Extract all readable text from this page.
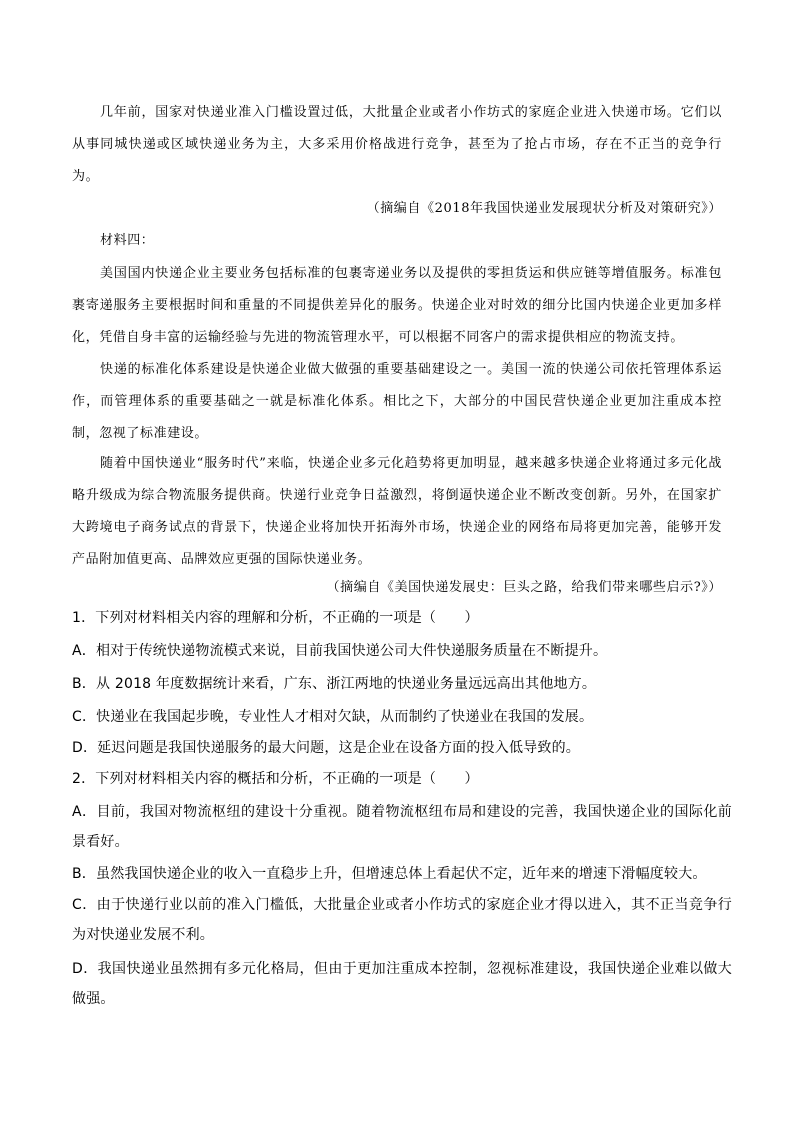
几年前，国家对快递业准入门槛设置过低，大批量企业或者小作坊式的家庭企业进入快递市场。它们以从事同城快递或区域快递业务为主，大多采用价格战进行竞争，甚至为了抢占市场，存在不正当的竞争行为。

（摘编自《2018年我国快递业发展现状分析及对策研究》）

材料四：

美国国内快递企业主要业务包括标准的包裹寄递业务以及提供的零担货运和供应链等增值服务。标准包裹寄递服务主要根据时间和重量的不同提供差异化的服务。快递企业对时效的细分比国内快递企业更加多样化，凭借自身丰富的运输经验与先进的物流管理水平，可以根据不同客户的需求提供相应的物流支持。

快递的标准化体系建设是快递企业做大做强的重要基础建设之一。美国一流的快递公司依托管理体系运作，而管理体系的重要基础之一就是标准化体系。相比之下，大部分的中国民营快递企业更加注重成本控制，忽视了标准建设。

随着中国快递业“服务时代”来临，快递企业多元化趋势将更加明显，越来越多快递企业将通过多元化战略升级成为综合物流服务提供商。快递行业竞争日益激烈，将倒逼快递企业不断改变创新。另外，在国家扩大跨境电子商务试点的背景下，快递企业将加快开拓海外市场，快递企业的网络布局将更加完善，能够开发产品附加值更高、品牌效应更强的国际快递业务。

（摘编自《美国快递发展史：巨头之路，给我们带来哪些启示?》）

1．下列对材料相关内容的理解和分析，不正确的一项是（　　）

A．相对于传统快递物流模式来说，目前我国快递公司大件快递服务质量在不断提升。

B．从 2018 年度数据统计来看，广东、浙江两地的快递业务量远远高出其他地方。

C．快递业在我国起步晚，专业性人才相对欠缺，从而制约了快递业在我国的发展。

D．延迟问题是我国快递服务的最大问题，这是企业在设备方面的投入低导致的。

2．下列对材料相关内容的概括和分析，不正确的一项是（　　）

A．目前，我国对物流枢纽的建设十分重视。随着物流枢纽布局和建设的完善，我国快递企业的国际化前景看好。

B．虽然我国快递企业的收入一直稳步上升，但增速总体上看起伏不定，近年来的增速下滑幅度较大。

C．由于快递行业以前的准入门槛低，大批量企业或者小作坊式的家庭企业才得以进入，其不正当竞争行为对快递业发展不利。

D．我国快递业虽然拥有多元化格局，但由于更加注重成本控制，忽视标准建设，我国快递企业难以做大做强。
